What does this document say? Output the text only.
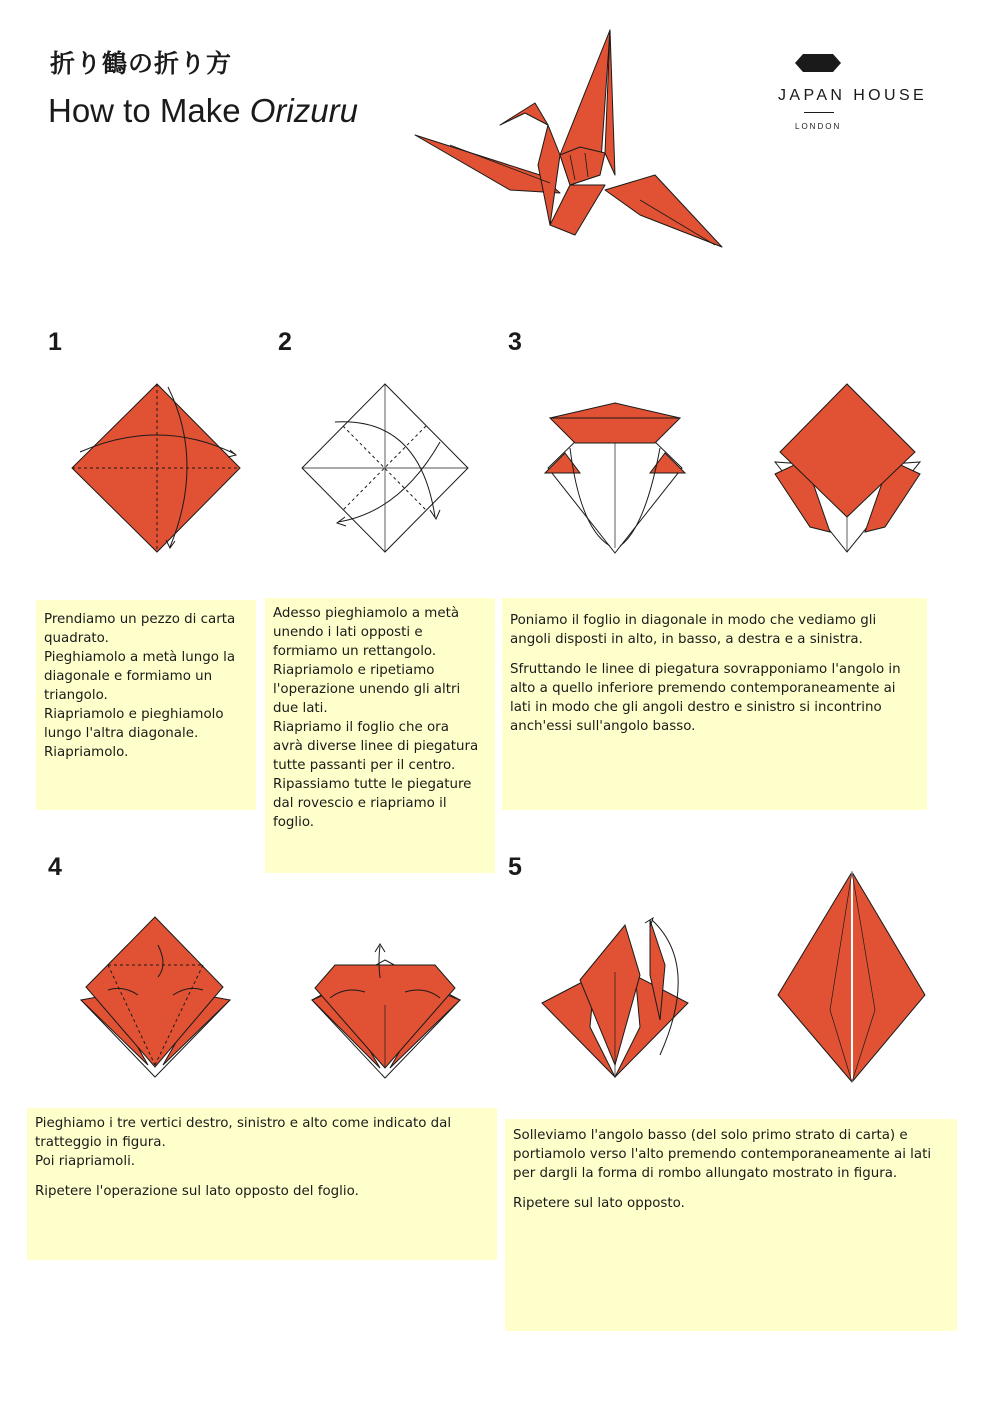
折り鶴の折り方
How to Make Orizuru	JAPAN HOUSE
LONDON
1	2	3
4	5

Prendiamo un pezzo di carta

quadrato.

Pieghiamolo a metà lungo la

diagonale e formiamo un

triangolo.

Riapriamolo e pieghiamolo

lungo l'altra diagonale.

Riapriamolo.

Adesso pieghiamolo a metà

unendo i lati opposti e

formiamo un rettangolo.

Riapriamolo e ripetiamo

l'operazione unendo gli altri

due lati.

Riapriamo il foglio che ora

avrà diverse linee di piegatura

tutte passanti per il centro.

Ripassiamo tutte le piegature

dal rovescio e riapriamo il

foglio.

Poniamo il foglio in diagonale in modo che vediamo gli angoli disposti in alto, in basso, a destra e a sinistra.

Sfruttando le linee di piegatura sovrapponiamo l'angolo in alto a quello inferiore premendo contemporaneamente ai lati in modo che gli angoli destro e sinistro si incontrino anch'essi sull'angolo basso.

Pieghiamo i tre vertici destro, sinistro e alto come indicato dal tratteggio in figura.
Poi riapriamoli.

Ripetere l'operazione sul lato opposto del foglio.

Solleviamo l'angolo basso (del solo primo strato di carta) e portiamolo verso l'alto premendo contemporaneamente ai lati per dargli la forma di rombo allungato mostrato in figura.

Ripetere sul lato opposto.
